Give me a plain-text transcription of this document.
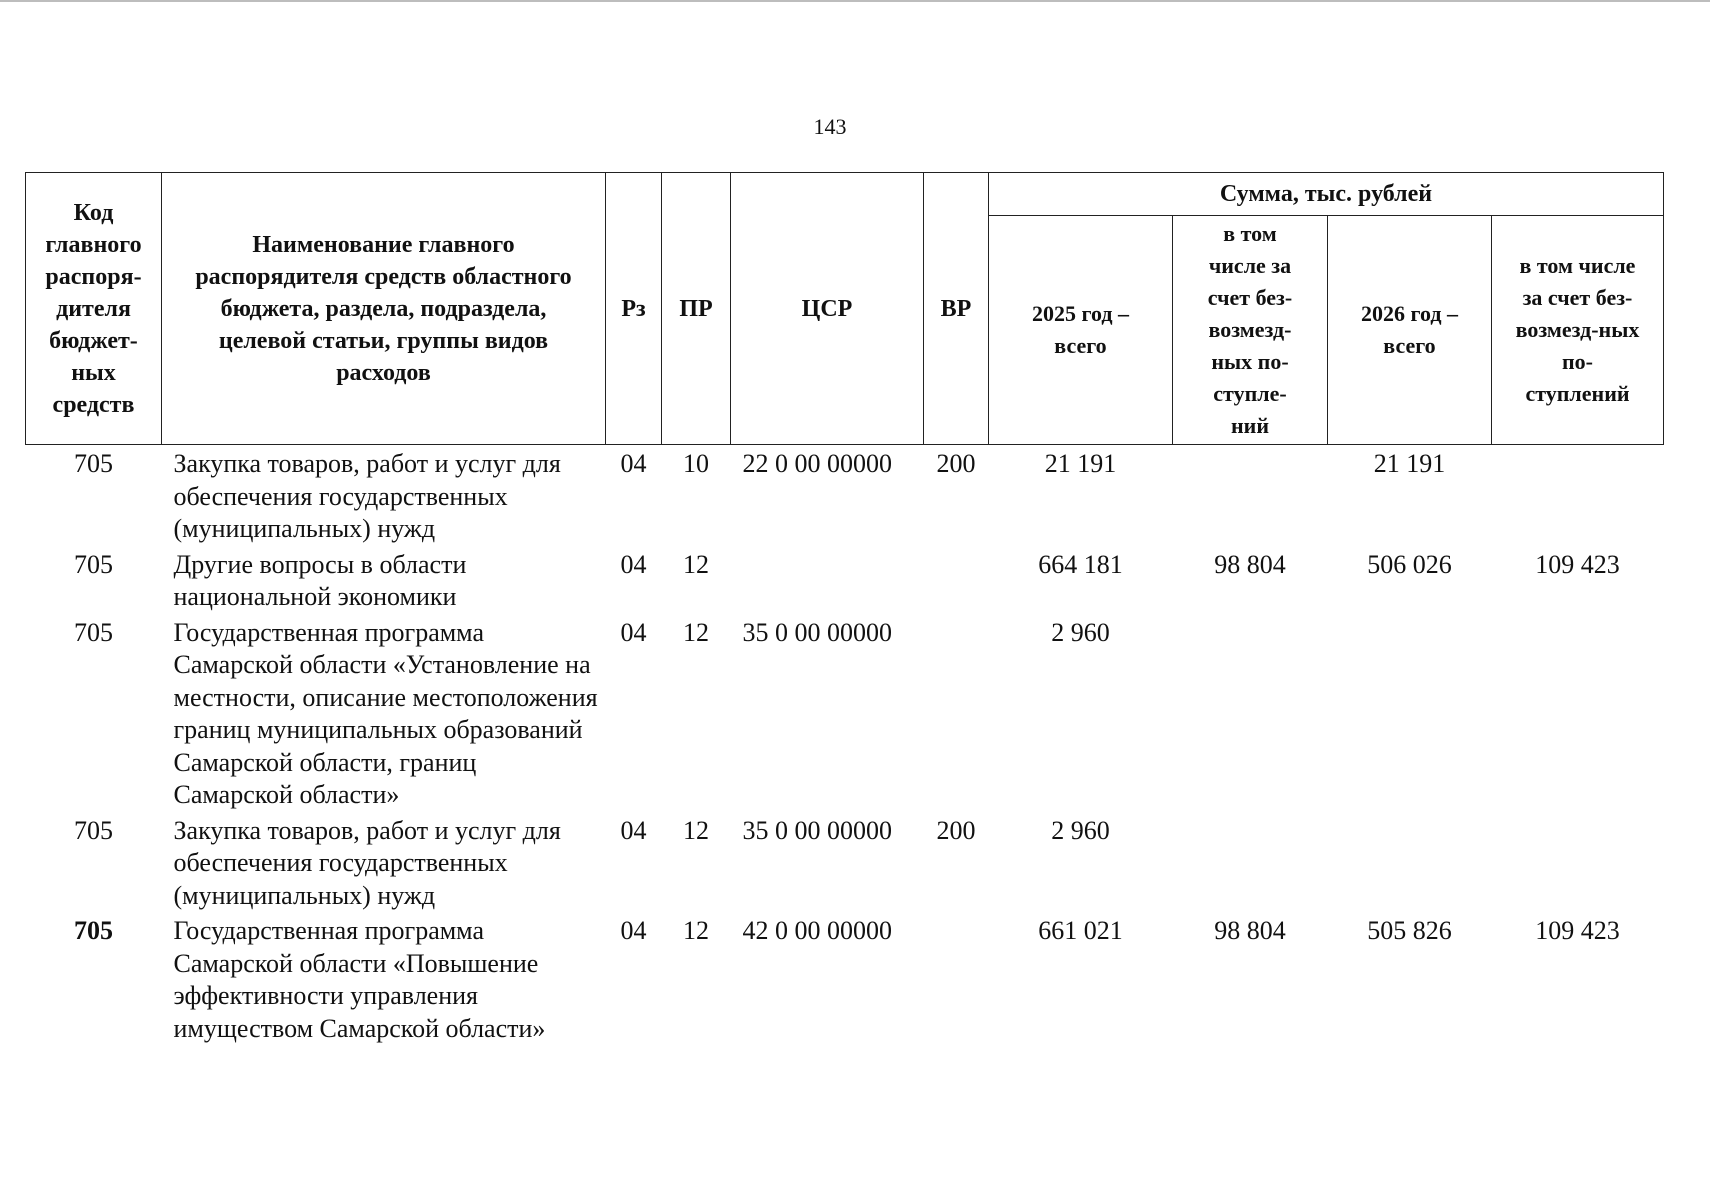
143
Код главного распоря-
дителя бюджет-
ных средств	Наименование главного распорядителя средств областного бюджета, раздела, подраздела, целевой статьи, группы видов расходов	Рз	ПР	ЦСР	ВР	Сумма, тыс. рублей			

						2025 год – всего	в том числе за счет без-возмезд-ных по-ступле-ний	2026 год – всего	в том числе за счет без-возмезд-ных по-ступлений

705	Закупка товаров, работ и услуг для обеспечения государственных (муниципальных) нужд	04	10	22 0 00 00000	200	21 191		21 191	
705	Другие вопросы в области национальной экономики	04	12			664 181	98 804	506 026	109 423
705	Государственная программа Самарской области «Установление на местности, описание местоположения границ муниципальных образований Самарской области, границ Самарской области»	04	12	35 0 00 00000		2 960			
705	Закупка товаров, работ и услуг для обеспечения государственных (муниципальных) нужд	04	12	35 0 00 00000	200	2 960			
705	Государственная программа Самарской области «Повышение эффективности управления имуществом Самарской области»	04	12	42 0 00 00000		661 021	98 804	505 826	109 423
